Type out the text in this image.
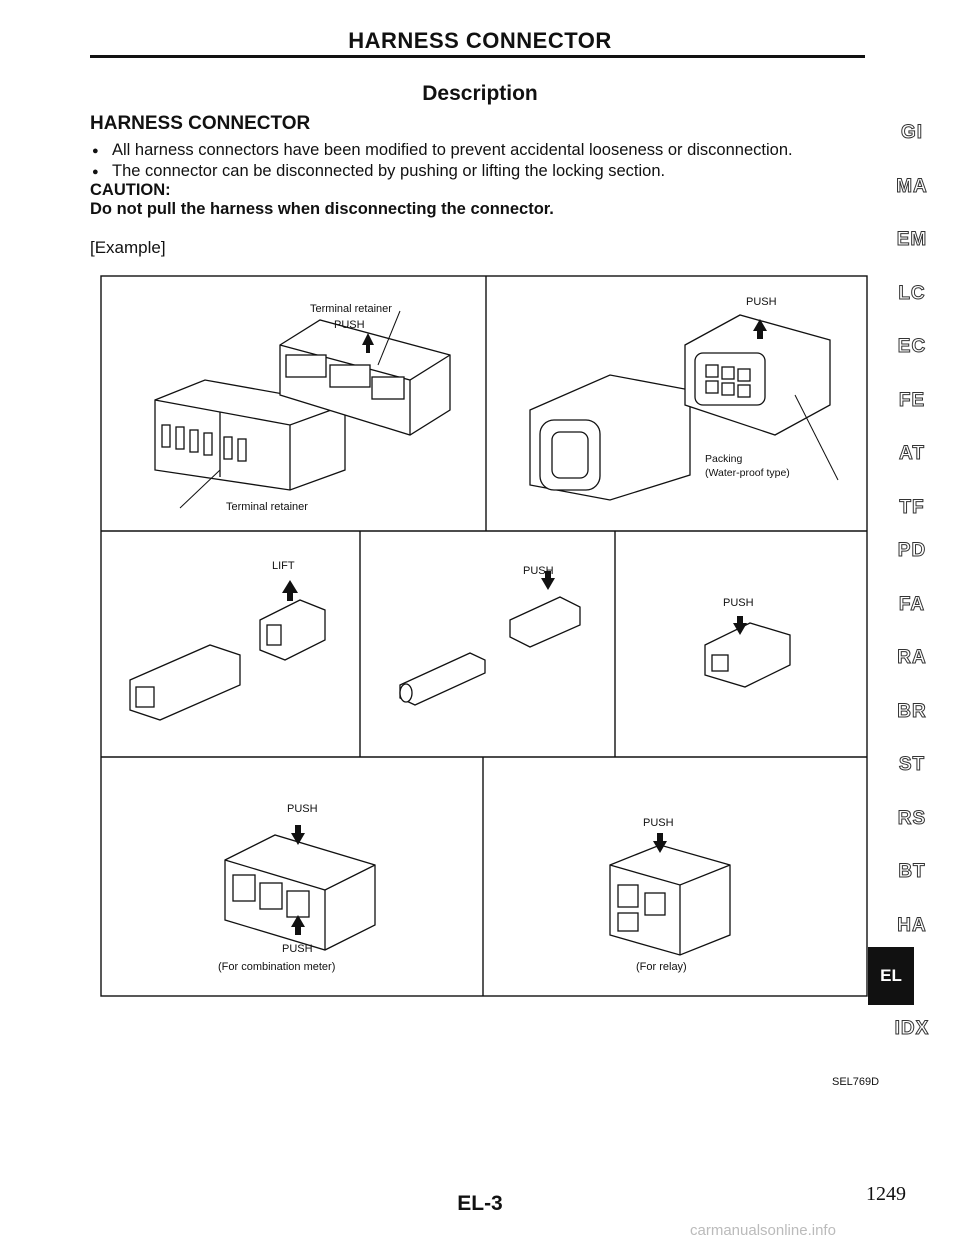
HARNESS CONNECTOR
Description
HARNESS CONNECTOR
● All harness connectors have been modified to prevent accidental looseness or disconnection.
● The connector can be disconnected by pushing or lifting the locking section.
CAUTION:
Do not pull the harness when disconnecting the connector.
[Example]
Terminal retainer
PUSH
Terminal retainer
PUSH
Packing
(Water-proof type)
LIFT	PUSH
PUSH
PUSH
PUSH
(For combination meter)
PUSH
(For relay)
GI
MA
EM
LC
EC
FE
AT
TF
PD
FA
RA
BR
ST
RS
BT
HA
IDX
EL
SEL769D
EL-3	1249
carmanualsonline.info
